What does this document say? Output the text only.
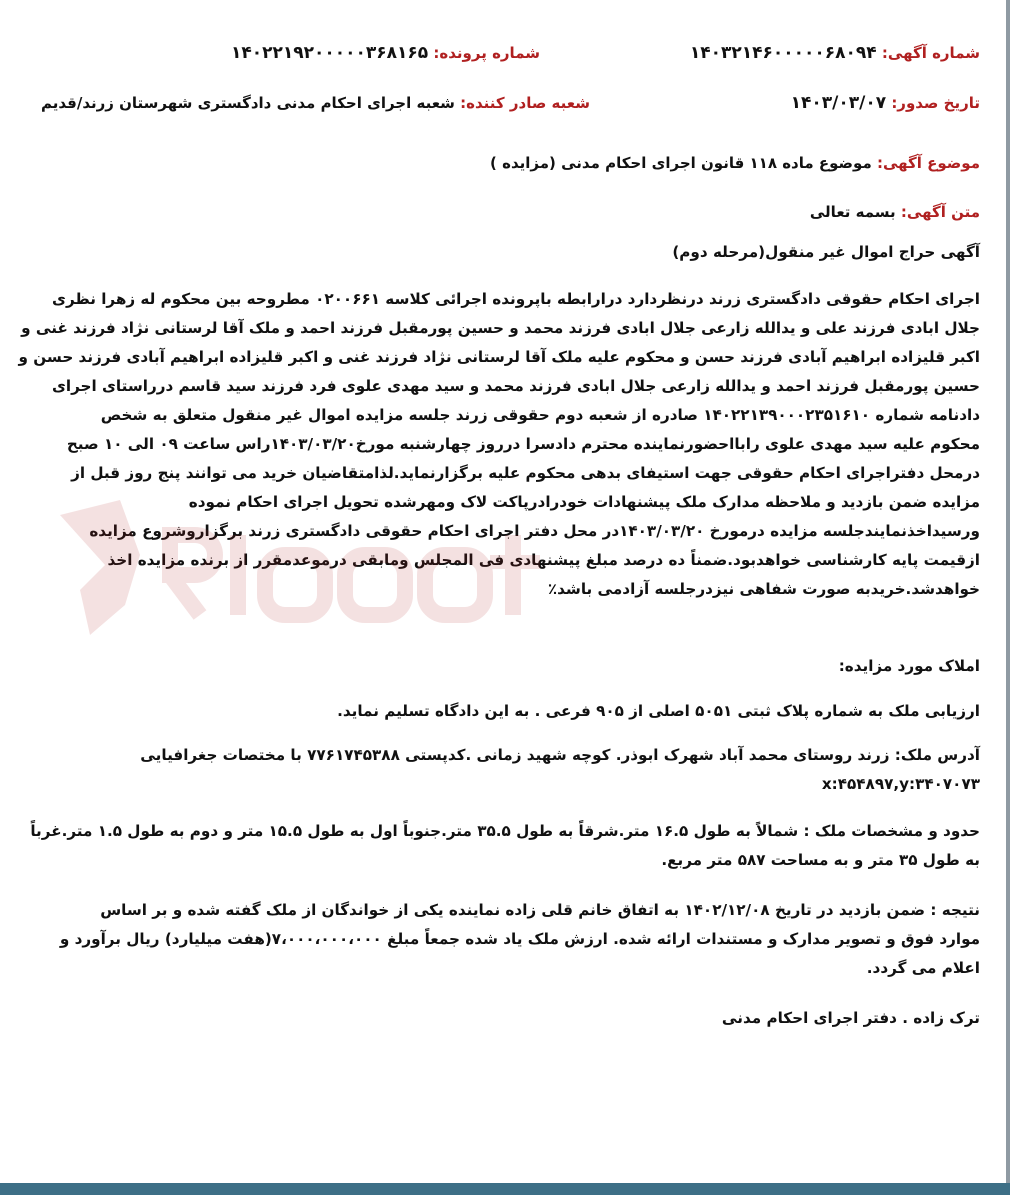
شماره آگهی: ۱۴۰۳۲۱۴۶۰۰۰۰۰۶۸۰۹۴
شماره پرونده: ۱۴۰۲۲۱۹۲۰۰۰۰۰۳۶۸۱۶۵
تاریخ صدور: ۱۴۰۳/۰۳/۰۷
شعبه صادر کننده: شعبه اجرای احکام مدنی دادگستری شهرستان زرند/قدیم
موضوع آگهی: موضوع ماده ۱۱۸ قانون اجرای احکام مدنی (مزایده )
متن آگهی: بسمه تعالی
آگهی حراج اموال غیر منقول(مرحله دوم)
اجرای احکام حقوقی دادگستری زرند درنظردارد درارابطه باپرونده اجرائی کلاسه ۰۲۰۰۶۶۱ مطروحه بین محکوم له زهرا نظری
جلال ابادی فرزند علی و یدالله زارعی جلال ابادی فرزند محمد و حسین پورمقبل فرزند احمد و ملک آقا لرستانی نژاد فرزند غنی و
اکبر قلیزاده ابراهیم آبادی فرزند حسن و محکوم علیه ملک آقا لرستانی نژاد فرزند غنی و اکبر قلیزاده ابراهیم آبادی فرزند حسن و
حسین پورمقبل فرزند احمد و یدالله زارعی جلال ابادی فرزند محمد و سید مهدی علوی فرد فرزند سید قاسم درراستای اجرای
دادنامه شماره ۱۴۰۲۲۱۳۹۰۰۰۲۳۵۱۶۱۰ صادره از شعبه دوم حقوقی زرند جلسه مزایده اموال غیر منقول متعلق به شخص
محکوم علیه سید مهدی علوی رابااحضورنماینده محترم دادسرا درروز چهارشنبه مورخ۱۴۰۳/۰۳/۲۰راس ساعت ۰۹ الی ۱۰ صبح
درمحل دفتراجرای احکام حقوقی جهت استیفای بدهی محکوم علیه برگزارنماید.لذامتقاضیان خرید می توانند پنج روز قبل از
مزایده ضمن بازدید و ملاحظه مدارک ملک پیشنهادات خودرادرپاکت لاک ومهرشده تحویل اجرای احکام نموده
ورسیداخذنمایندجلسه مزایده درمورخ ۱۴۰۳/۰۳/۲۰در محل دفتر اجرای احکام حقوقی دادگستری زرند برگزاروشروع مزایده
ازقیمت پایه کارشناسی خواهدبود.ضمناً ده درصد مبلغ پیشنهادی فی المجلس ومابقی درموعدمقرر از برنده مزایده اخذ
خواهدشد.خریدبه صورت شفاهی نیزدرجلسه آزادمی باشد٪
املاک مورد مزایده:
ارزیابی ملک به شماره پلاک ثبتی ۵۰۵۱ اصلی از ۹۰۵ فرعی . به این دادگاه تسلیم نماید.
آدرس ملک: زرند روستای محمد آباد شهرک ابوذر. کوچه شهید زمانی .کدپستی ۷۷۶۱۷۴۵۳۸۸ با مختصات جغرافیایی
x:۴۵۴۸۹۷,y:۳۴۰۷۰۷۳
حدود و مشخصات ملک : شمالاً به طول ۱۶.۵ متر.شرقاً به طول ۳۵.۵ متر.جنوباً اول به طول ۱۵.۵ متر و دوم به طول ۱.۵ متر.غرباً
به طول ۳۵ متر و به مساحت ۵۸۷ متر مربع.
نتیجه : ضمن بازدید در تاریخ ۱۴۰۲/۱۲/۰۸ به اتفاق خانم قلی زاده نماینده یکی از خواندگان از ملک گفته شده و بر اساس
موارد فوق و تصویر مدارک و مستندات ارائه شده. ارزش ملک یاد شده جمعاً مبلغ ۷،۰۰۰،۰۰۰،۰۰۰(هفت میلیارد) ریال برآورد و
اعلام می گردد.
ترک زاده . دفتر اجرای احکام مدنی
